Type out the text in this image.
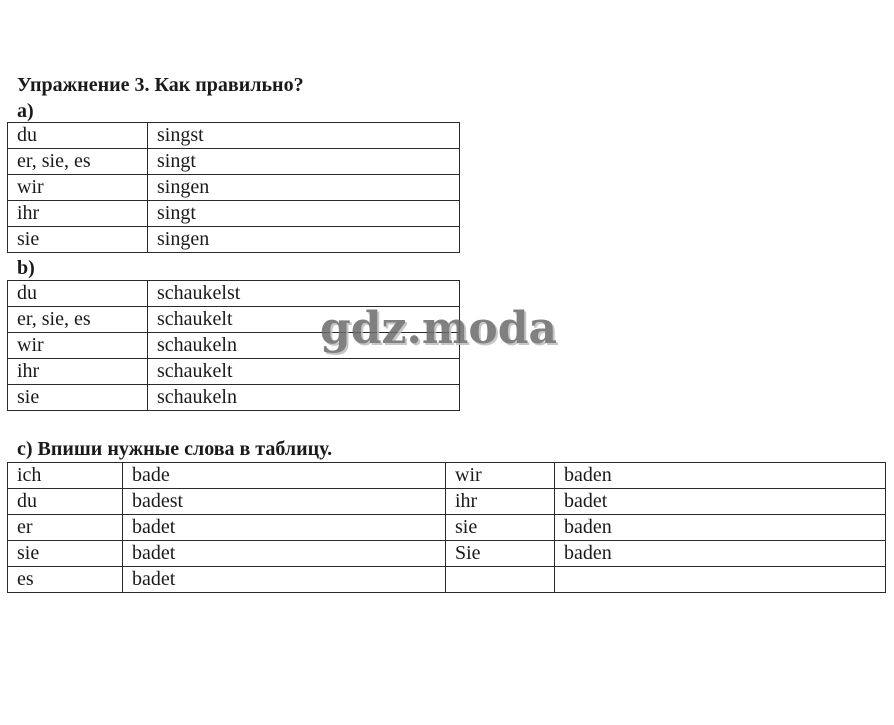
Упражнение 3. Как правильно?
a)
du	singst
er, sie, es	singt
wir	singen
ihr	singt
sie	singen
b)
du	schaukelst
er, sie, es	schaukelt
wir	schaukeln
ihr	schaukelt
sie	schaukeln
gdz.moda
c) Впиши нужные слова в таблицу.
ich	bade	wir	baden
du	badest	ihr	badet
er	badet	sie	baden
sie	badet	Sie	baden
es	badet		
